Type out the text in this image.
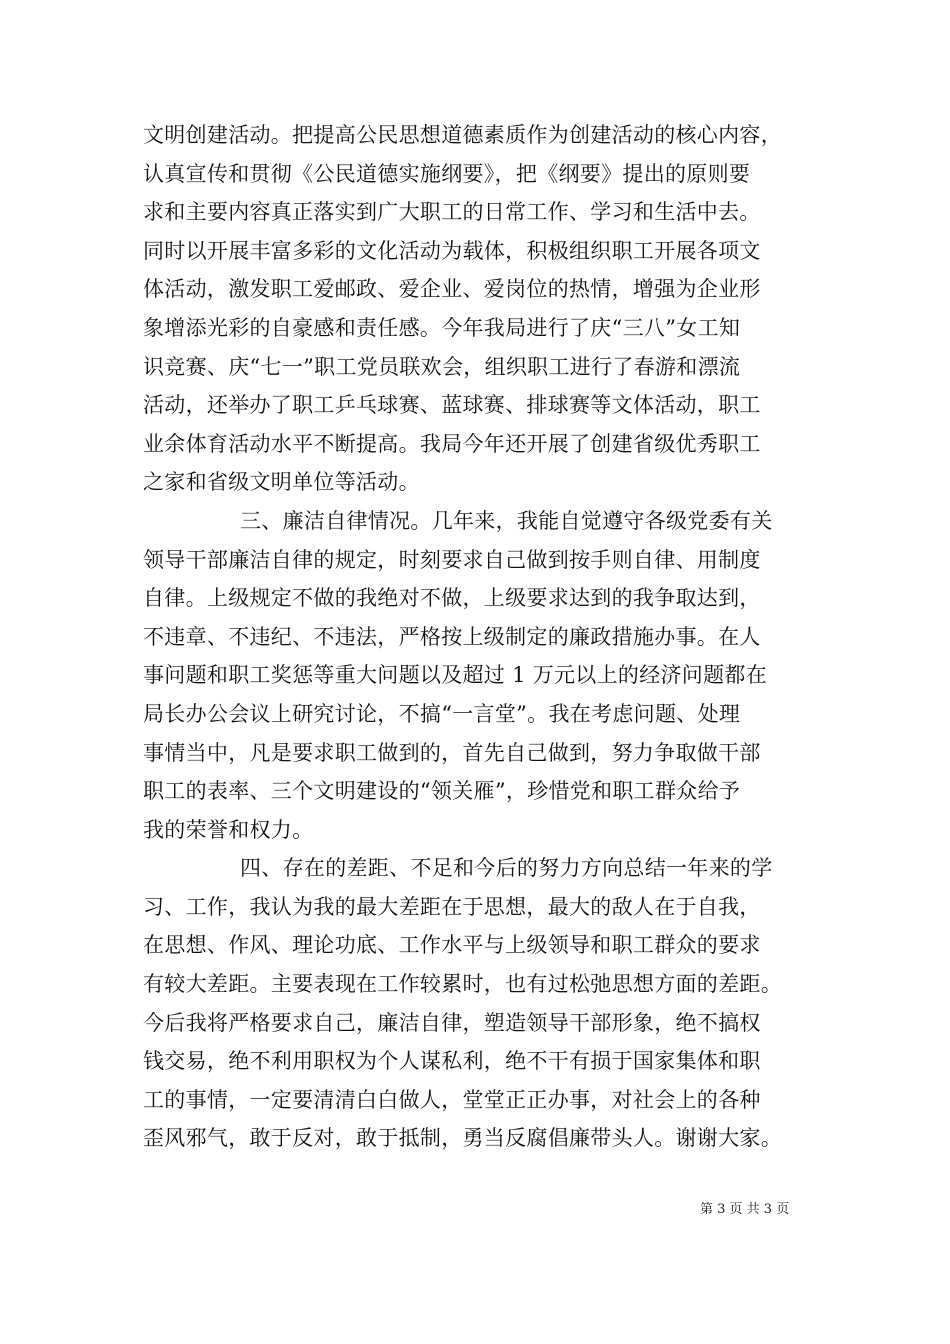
文明创建活动。把提高公民思想道德素质作为创建活动的核心内容，
认真宣传和贯彻《公民道德实施纲要》，把《纲要》提出的原则要
求和主要内容真正落实到广大职工的日常工作、学习和生活中去。
同时以开展丰富多彩的文化活动为载体，积极组织职工开展各项文
体活动，激发职工爱邮政、爱企业、爱岗位的热情，增强为企业形
象增添光彩的自豪感和责任感。今年我局进行了庆“三八”女工知
识竞赛、庆“七一”职工党员联欢会，组织职工进行了春游和漂流
活动，还举办了职工乒乓球赛、蓝球赛、排球赛等文体活动，职工
业余体育活动水平不断提高。我局今年还开展了创建省级优秀职工
之家和省级文明单位等活动。
三、廉洁自律情况。几年来，我能自觉遵守各级党委有关
领导干部廉洁自律的规定，时刻要求自己做到按手则自律、用制度
自律。上级规定不做的我绝对不做，上级要求达到的我争取达到，
不违章、不违纪、不违法，严格按上级制定的廉政措施办事。在人
事问题和职工奖惩等重大问题以及超过 1 万元以上的经济问题都在
局长办公会议上研究讨论，不搞“一言堂”。我在考虑问题、处理
事情当中，凡是要求职工做到的，首先自己做到，努力争取做干部
职工的表率、三个文明建设的“领关雁”，珍惜党和职工群众给予
我的荣誉和权力。
四、存在的差距、不足和今后的努力方向总结一年来的学
习、工作，我认为我的最大差距在于思想，最大的敌人在于自我，
在思想、作风、理论功底、工作水平与上级领导和职工群众的要求
有较大差距。主要表现在工作较累时，也有过松弛思想方面的差距。
今后我将严格要求自己，廉洁自律，塑造领导干部形象，绝不搞权
钱交易，绝不利用职权为个人谋私利，绝不干有损于国家集体和职
工的事情，一定要清清白白做人，堂堂正正办事，对社会上的各种
歪风邪气，敢于反对，敢于抵制，勇当反腐倡廉带头人。谢谢大家。
第 3 页 共 3 页
